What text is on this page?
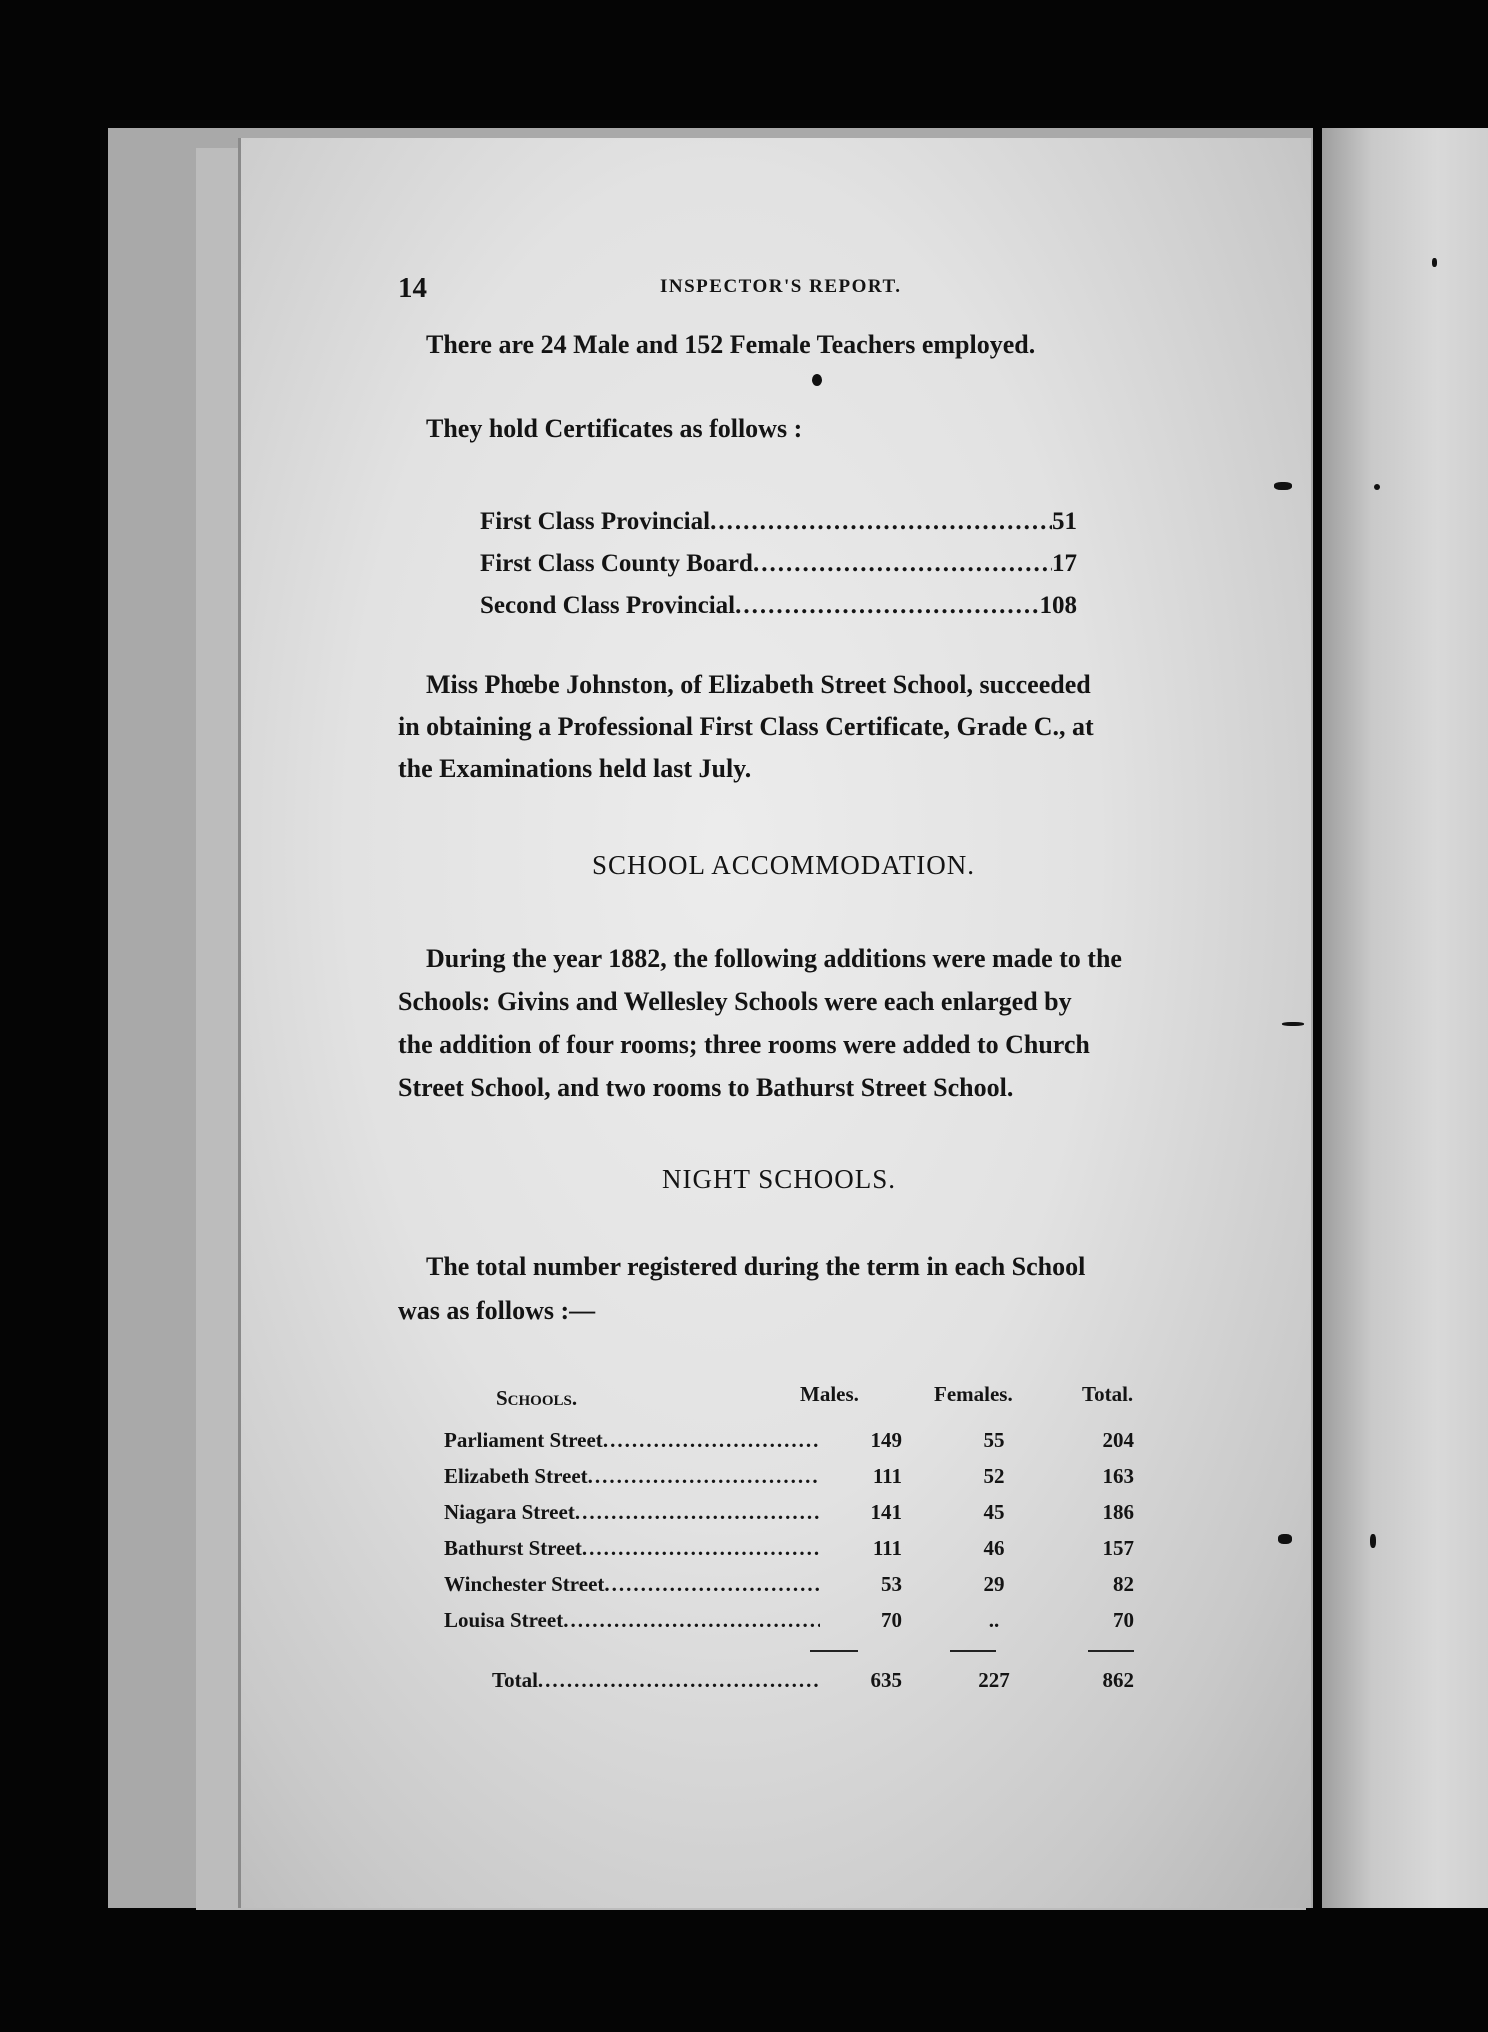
14	INSPECTOR'S REPORT.
There are 24 Male and 152 Female Teachers employed.
They hold Certificates as follows :
First Class Provincial .....	51
First Class County Board .....	17
Second Class Provincial .....	108
Miss Phœbe Johnston, of Elizabeth Street School, succeeded
in obtaining a Professional First Class Certificate, Grade C., at
the Examinations held last July.
SCHOOL ACCOMMODATION.
During the year 1882, the following additions were made to the
Schools: Givins and Wellesley Schools were each enlarged by
the addition of four rooms; three rooms were added to Church
Street School, and two rooms to Bathurst Street School.
NIGHT SCHOOLS.
The total number registered during the term in each School
was as follows :—
Schools.	Males.	Females.	Total.
Parliament Street .....	149	55	204
Elizabeth Street .....	111	52	163
Niagara Street .....	141	45	186
Bathurst Street .....	111	46	157
Winchester Street .....	53	29	82
Louisa Street .....	70	..	70
Total .....	635	227	862
